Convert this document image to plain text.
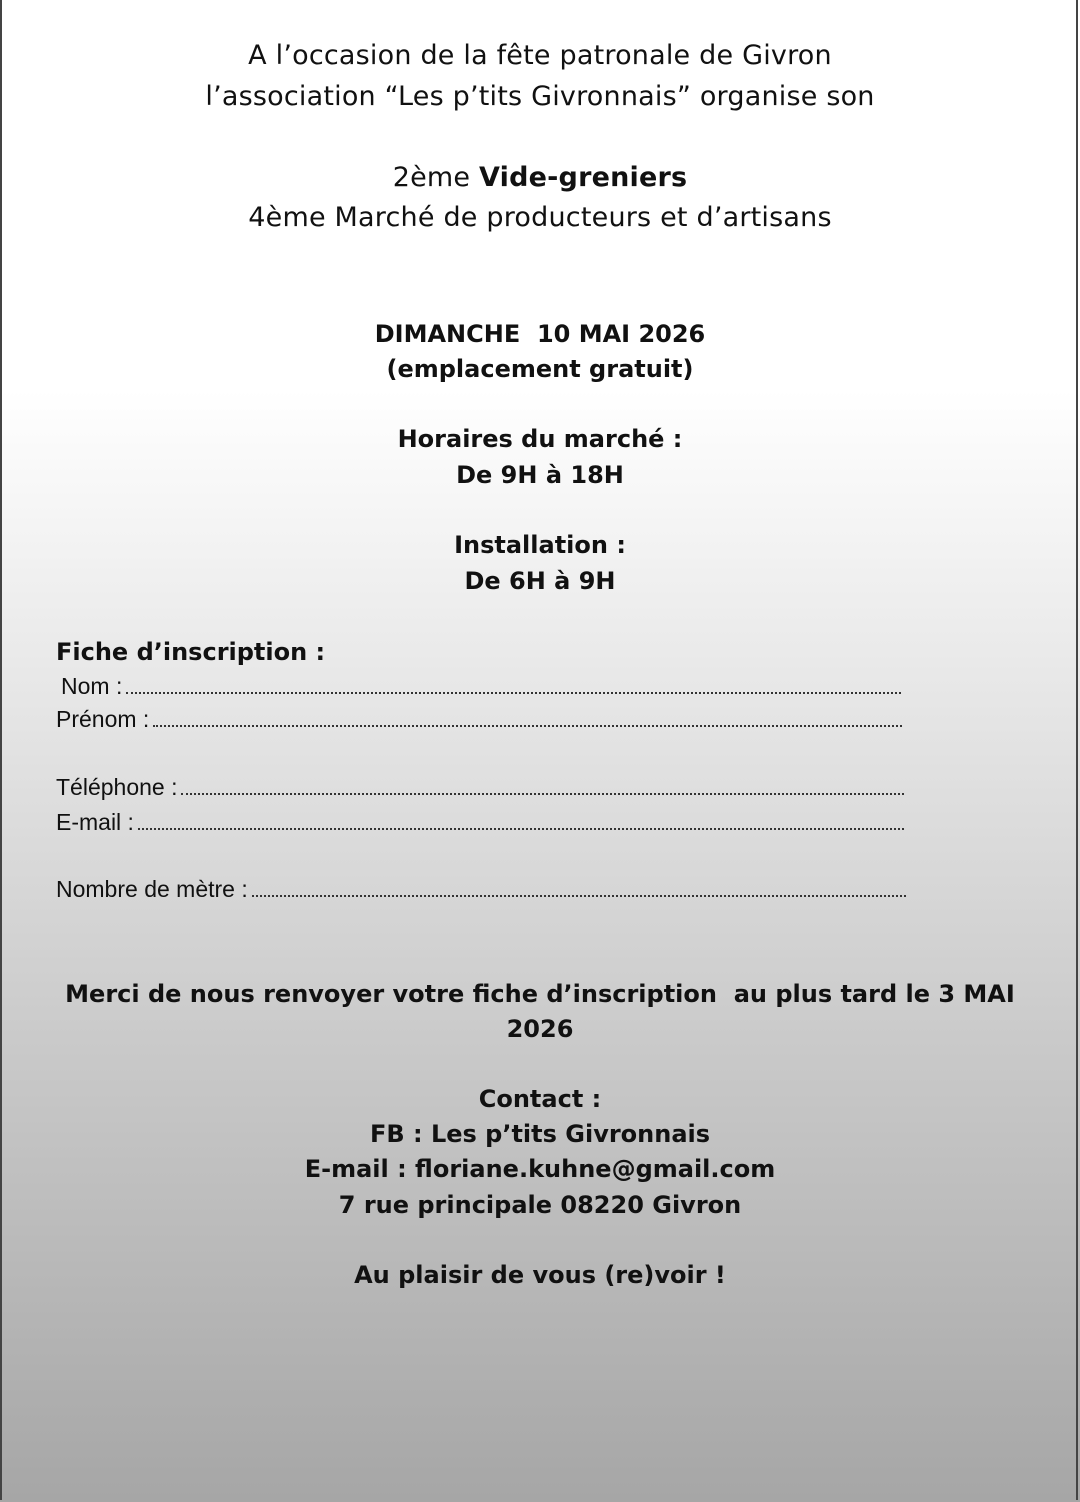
A l’occasion de la fête patronale de Givron
l’association “Les p’tits Givronnais” organise son
2ème Vide-greniers
4ème Marché de producteurs et d’artisans
DIMANCHE  10 MAI 2026
(emplacement gratuit)
Horaires du marché :
De 9H à 18H
Installation :
De 6H à 9H
Fiche d’inscription :
Nom :
Prénom :
Téléphone :
E-mail :
Nombre de mètre :
Merci de nous renvoyer votre fiche d’inscription  au plus tard le 3 MAI
2026
Contact :
FB : Les p’tits Givronnais
E-mail : floriane.kuhne@gmail.com
7 rue principale 08220 Givron
Au plaisir de vous (re)voir !
